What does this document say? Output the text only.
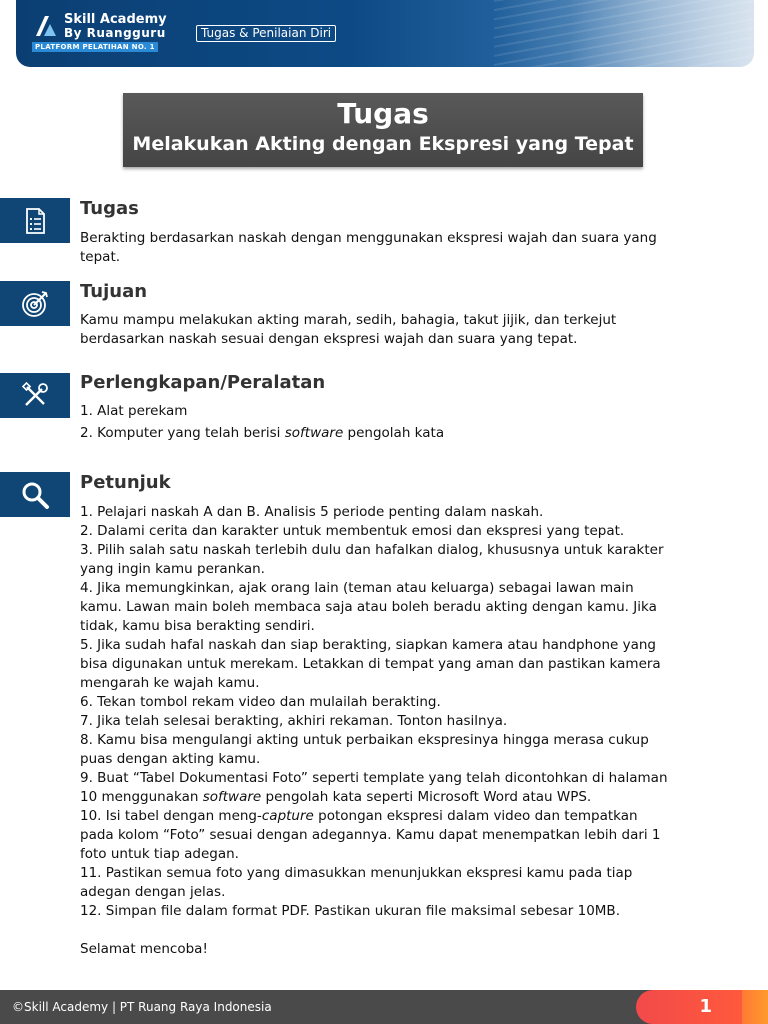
Skill Academy
By Ruangguru
PLATFORM PELATIHAN NO. 1
Tugas & Penilaian Diri
Tugas
Melakukan Akting dengan Ekspresi yang Tepat
Tugas
Berakting berdasarkan naskah dengan menggunakan ekspresi wajah dan suara yang tepat.
Tujuan
Kamu mampu melakukan akting marah, sedih, bahagia, takut jijik, dan terkejut berdasarkan naskah sesuai dengan ekspresi wajah dan suara yang tepat.
Perlengkapan/Peralatan

1. Alat perekam

2. Komputer yang telah berisi software pengolah kata

Petunjuk

1. Pelajari naskah A dan B. Analisis 5 periode penting dalam naskah.

2. Dalami cerita dan karakter untuk membentuk emosi dan ekspresi yang tepat.

3. Pilih salah satu naskah terlebih dulu dan hafalkan dialog, khususnya untuk karakter yang ingin kamu perankan.

4. Jika memungkinkan, ajak orang lain (teman atau keluarga) sebagai lawan main kamu. Lawan main boleh membaca saja atau boleh beradu akting dengan kamu. Jika tidak, kamu bisa berakting sendiri.

5. Jika sudah hafal naskah dan siap berakting, siapkan kamera atau handphone yang bisa digunakan untuk merekam. Letakkan di tempat yang aman dan pastikan kamera mengarah ke wajah kamu.

6. Tekan tombol rekam video dan mulailah berakting.

7. Jika telah selesai berakting, akhiri rekaman. Tonton hasilnya.

8. Kamu bisa mengulangi akting untuk perbaikan ekspresinya hingga merasa cukup puas dengan akting kamu.

9. Buat “Tabel Dokumentasi Foto” seperti template yang telah dicontohkan di halaman 10 menggunakan software pengolah kata seperti Microsoft Word atau WPS.

10. Isi tabel dengan meng-capture potongan ekspresi dalam video dan tempatkan pada kolom “Foto” sesuai dengan adegannya. Kamu dapat menempatkan lebih dari 1 foto untuk tiap adegan.

11. Pastikan semua foto yang dimasukkan menunjukkan ekspresi kamu pada tiap adegan dengan jelas.

12. Simpan file dalam format PDF. Pastikan ukuran file maksimal sebesar 10MB.

Selamat mencoba!

©Skill Academy | PT Ruang Raya Indonesia	1
